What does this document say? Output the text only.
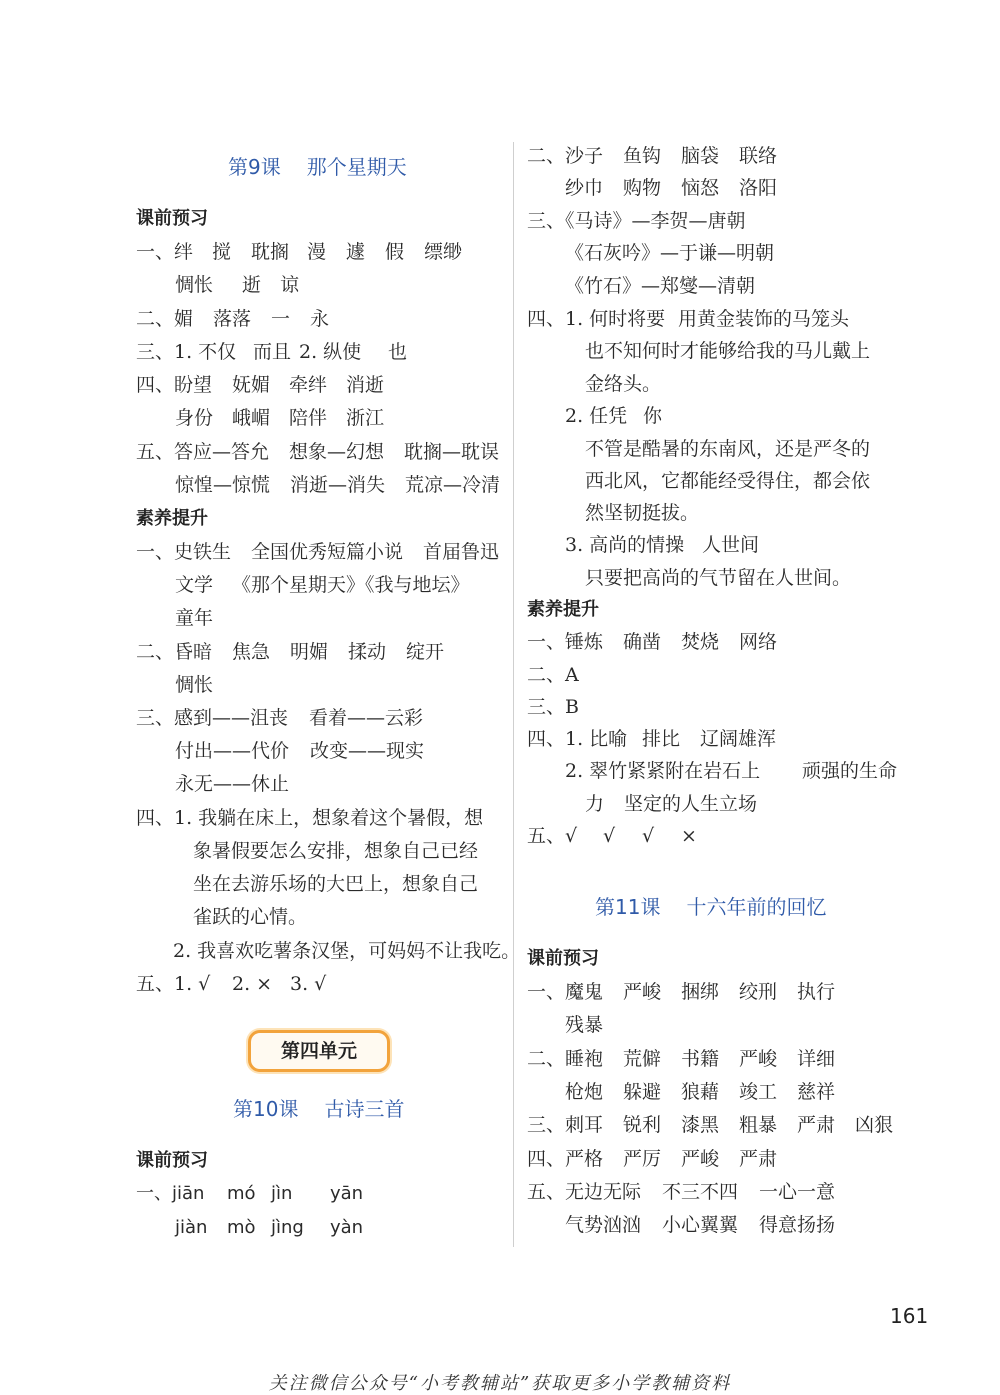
第9课 那个星期天
课前预习
一、绊 搅 耽搁 漫 遽 假 缥缈
惆怅 逝 谅
二、媚 落落 一 永
三、1. 不仅 而且 2. 纵使 也
四、盼望 妩媚 牵绊 消逝
身份 峨嵋 陪伴 浙江
五、答应—答允 想象—幻想 耽搁—耽误
惊惶—惊慌 消逝—消失 荒凉—冷清
素养提升
一、史铁生 全国优秀短篇小说 首届鲁迅
文学 《那个星期天》《我与地坛》
童年
二、昏暗 焦急 明媚 揉动 绽开
惆怅
三、感到——沮丧 看着——云彩
付出——代价 改变——现实
永无——休止
四、1. 我躺在床上，想象着这个暑假，想
象暑假要怎么安排，想象自己已经
坐在去游乐场的大巴上，想象自己
雀跃的心情。
2. 我喜欢吃薯条汉堡，可妈妈不让我吃。
五、1. √ 2. × 3. √
第四单元
第10课 古诗三首
课前预习
一、jiān mó jìn yān
jiàn mò jìng yàn
二、沙子 鱼钩 脑袋 联络
纱巾 购物 恼怒 洛阳
三、《马诗》—李贺—唐朝
《石灰吟》—于谦—明朝
《竹石》—郑燮—清朝
四、1. 何时将要 用黄金装饰的马笼头
也不知何时才能够给我的马儿戴上
金络头。
2. 任凭 你
不管是酷暑的东南风，还是严冬的
西北风，它都能经受得住，都会依
然坚韧挺拔。
3. 高尚的情操 人世间
只要把高尚的气节留在人世间。
素养提升
一、锤炼 确凿 焚烧 网络
二、A
三、B
四、1. 比喻 排比 辽阔雄浑
2. 翠竹紧紧附在岩石上 顽强的生命
力 坚定的人生立场
五、√ √ √ ×
第11课 十六年前的回忆
课前预习
一、魔鬼 严峻 捆绑 绞刑 执行
残暴
二、睡袍 荒僻 书籍 严峻 详细
枪炮 躲避 狼藉 竣工 慈祥
三、刺耳 锐利 漆黑 粗暴 严肃 凶狠
四、严格 严厉 严峻 严肃
五、无边无际 不三不四 一心一意
气势汹汹 小心翼翼 得意扬扬
161
关注微信公众号“小考教辅站”获取更多小学教辅资料
